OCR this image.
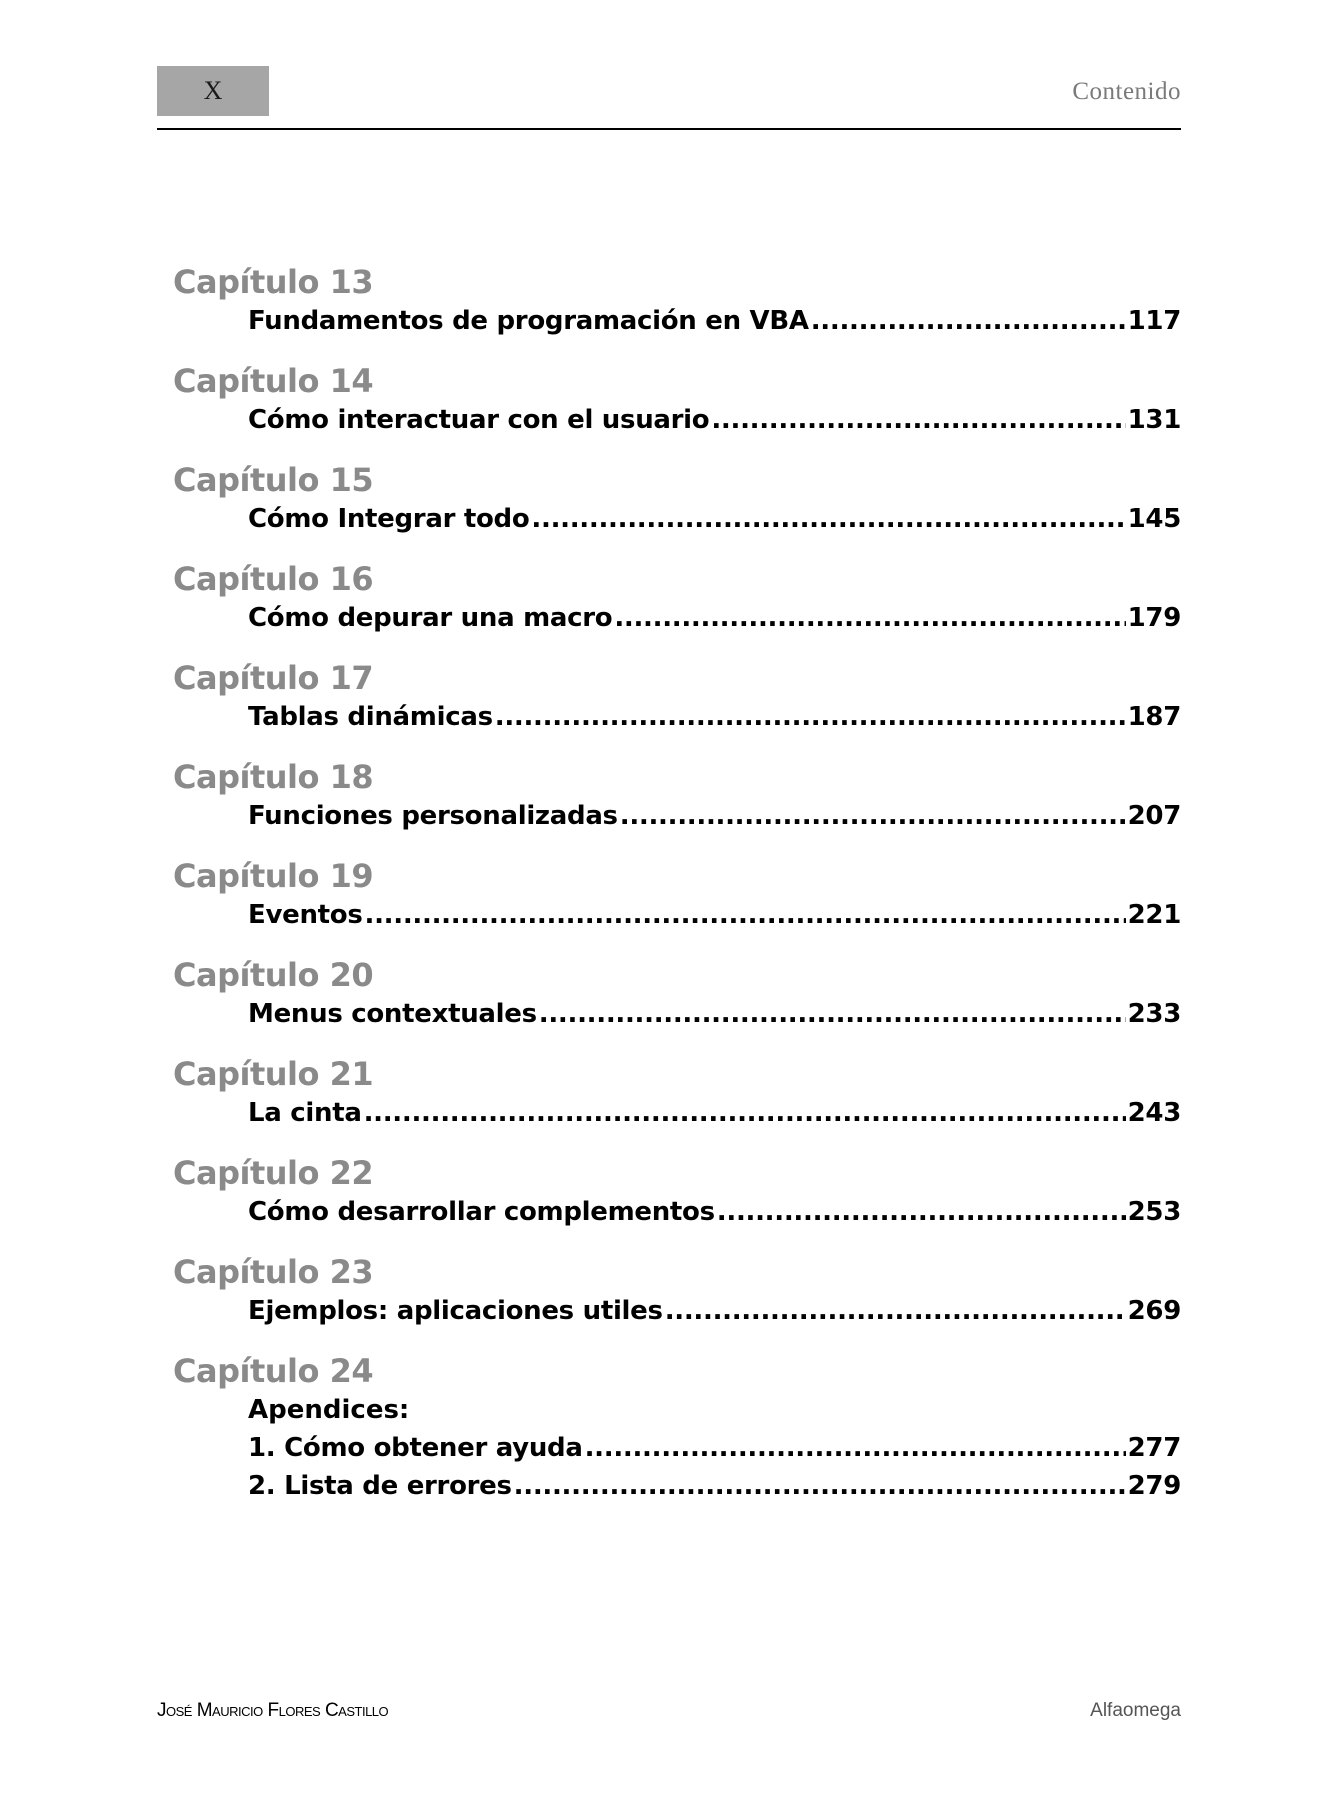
X	Contenido
Capítulo 13
Fundamentos de programación en VBA .....	117
Capítulo 14
Cómo interactuar con el usuario .....	131
Capítulo 15
Cómo Integrar todo .....	145
Capítulo 16
Cómo depurar una macro .....	179
Capítulo 17
Tablas dinámicas .....	187
Capítulo 18
Funciones personalizadas .....	207
Capítulo 19
Eventos .....	221
Capítulo 20
Menus contextuales .....	233
Capítulo 21
La cinta .....	243
Capítulo 22
Cómo desarrollar complementos .....	253
Capítulo 23
Ejemplos: aplicaciones utiles .....	269
Capítulo 24
Apendices:
1. Cómo obtener ayuda .....	277
2. Lista de errores .....	279
José Mauricio Flores Castillo	Alfaomega
